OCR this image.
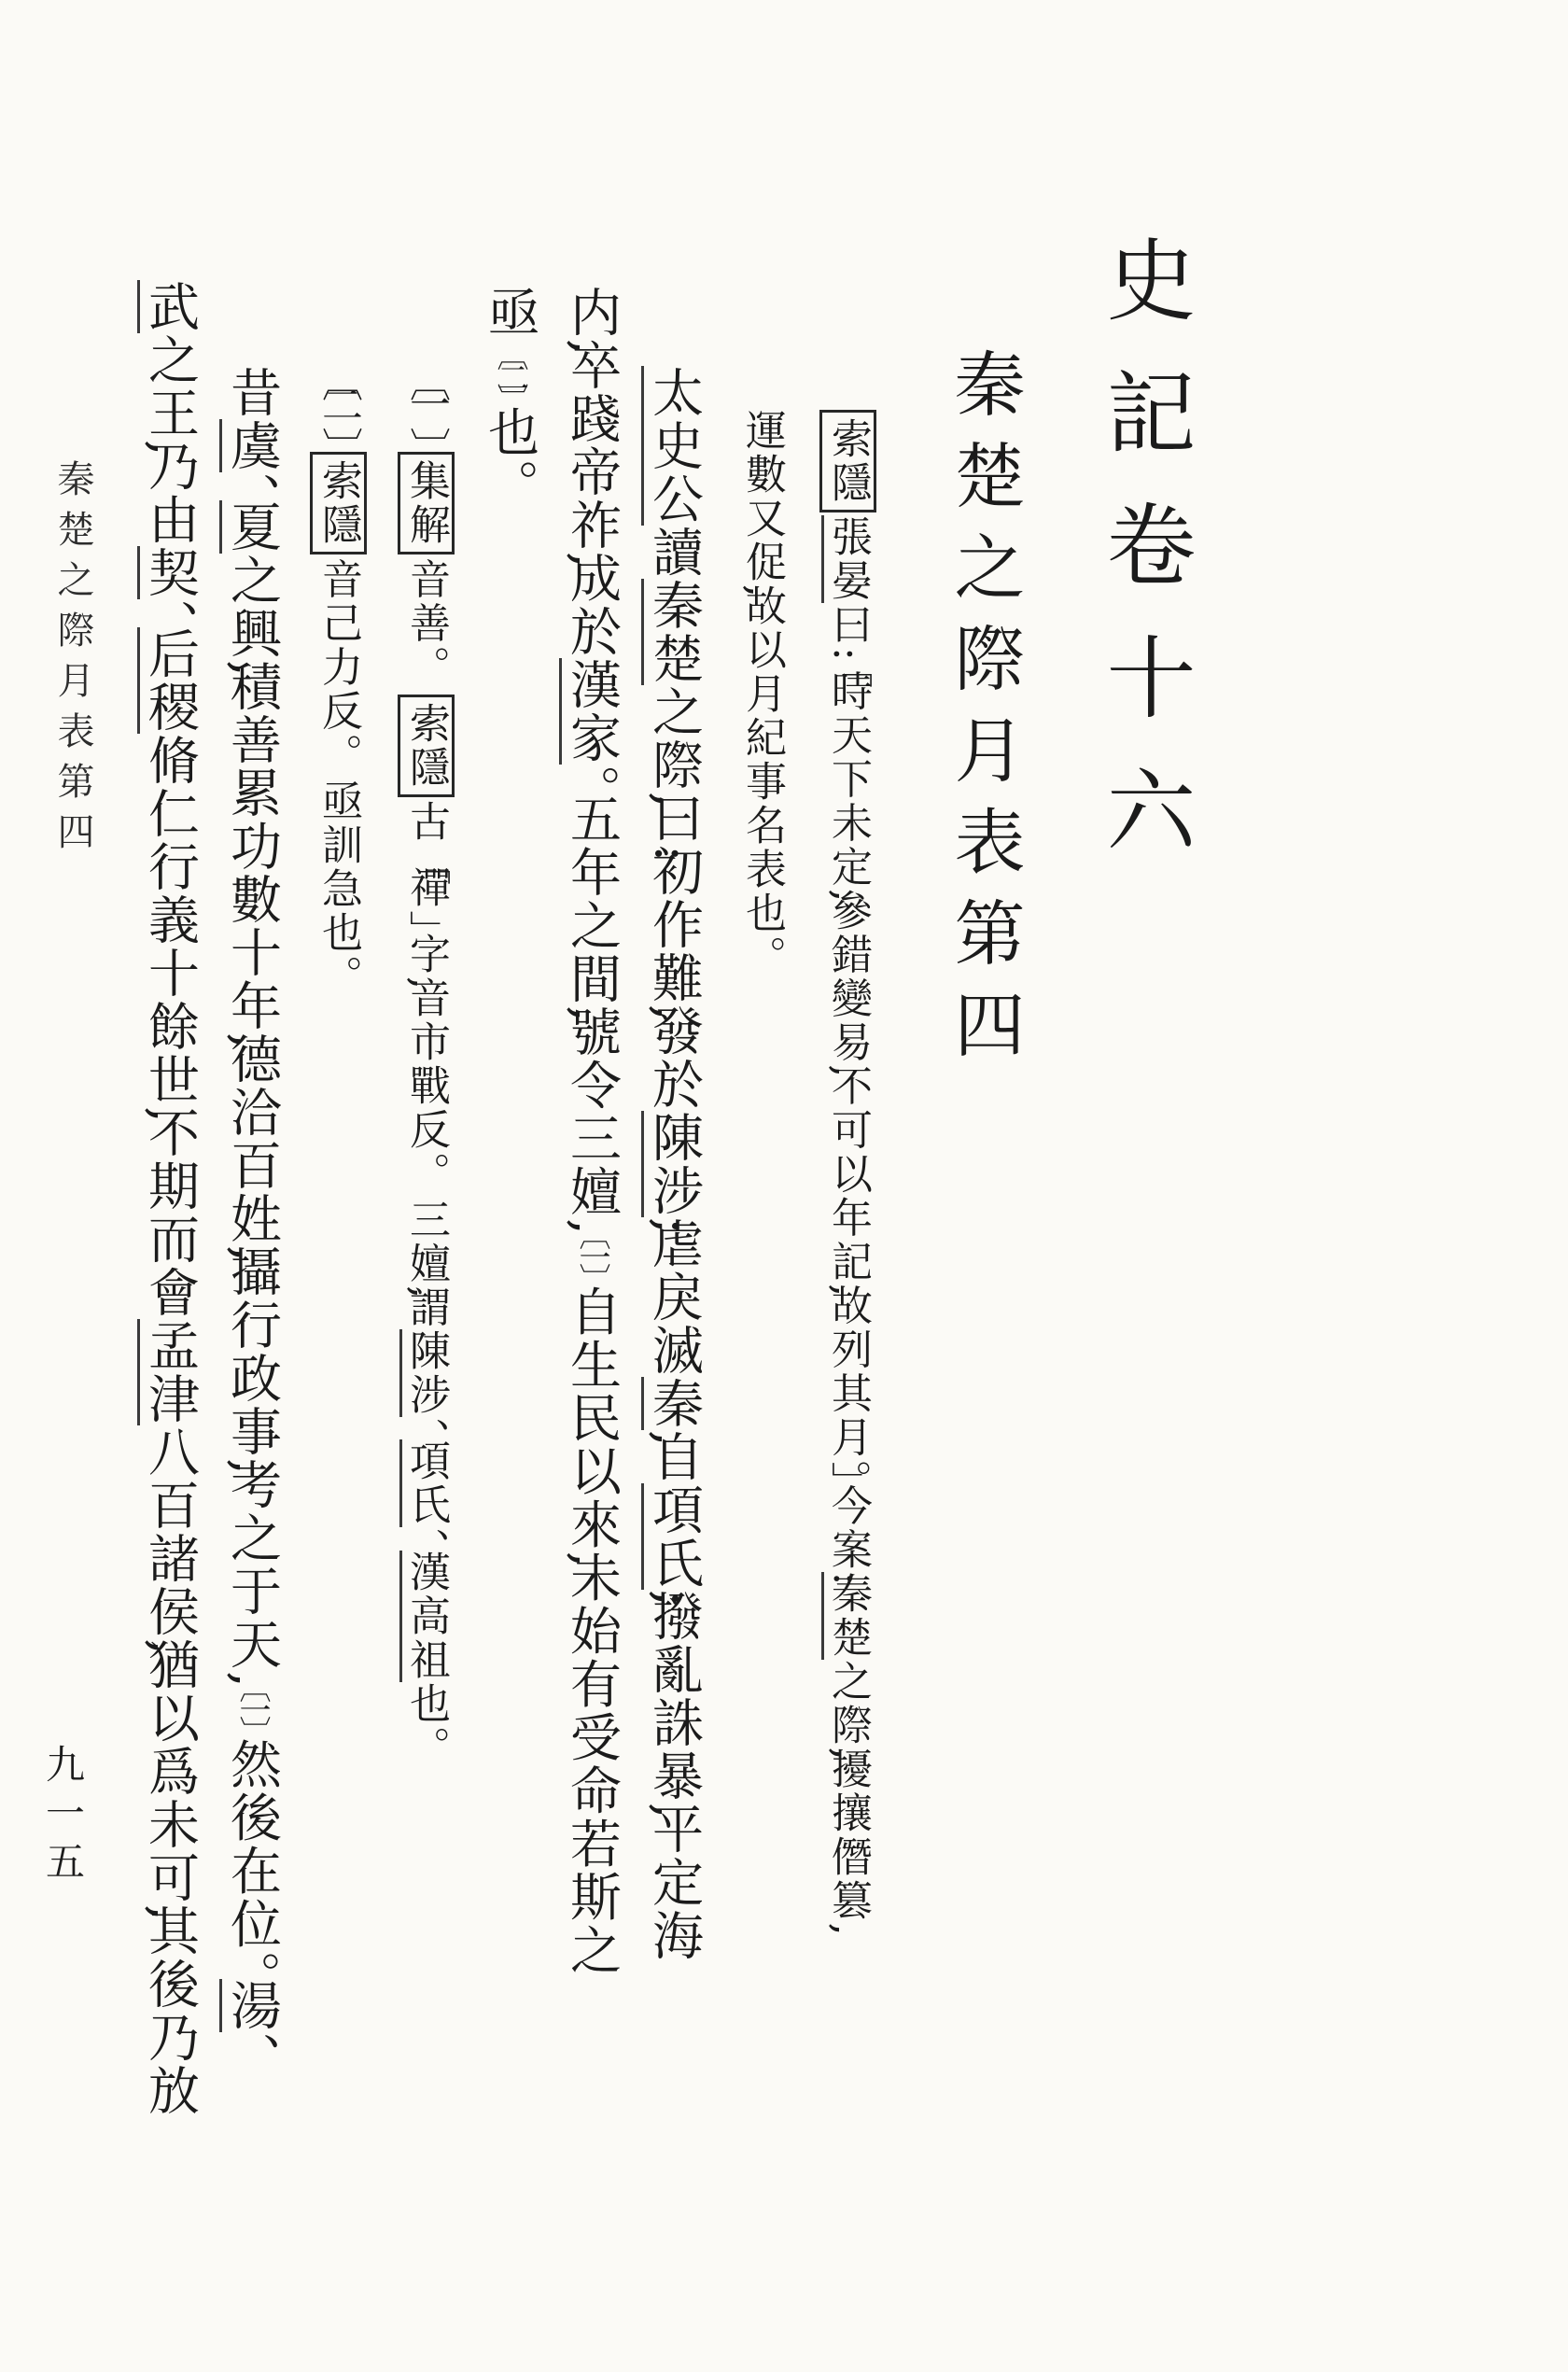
史記卷十六
秦楚之際月表第四
索隱張晏曰「時天下未定參錯變易不可以年記故列其月。」今案秦楚之際擾攘僭篡
運數又促故以月紀事名表也。
太史公讀秦楚之際曰初作難發於陳涉虐戾滅秦自項氏撥亂誅暴平定海
内卒踐帝祚成於漢家。五年之間號令三嬗〔一〕自生民以來未始有受命若斯之
亟〔二〕也。
〔一〕集解音善。　索隱古「禪」字音市戰反。　三嬗謂陳涉、項氏、漢高祖也。
〔二〕索隱音己力反。　亟訓急也。
昔虞、夏之興積善累功數十年德洽百姓攝行政事考之于天〔一〕然後在位。湯、
武之王乃由契、后稷脩仁行義十餘世不期而會孟津八百諸侯猶以爲未可其後乃放
秦楚之際月表第四
九一五
